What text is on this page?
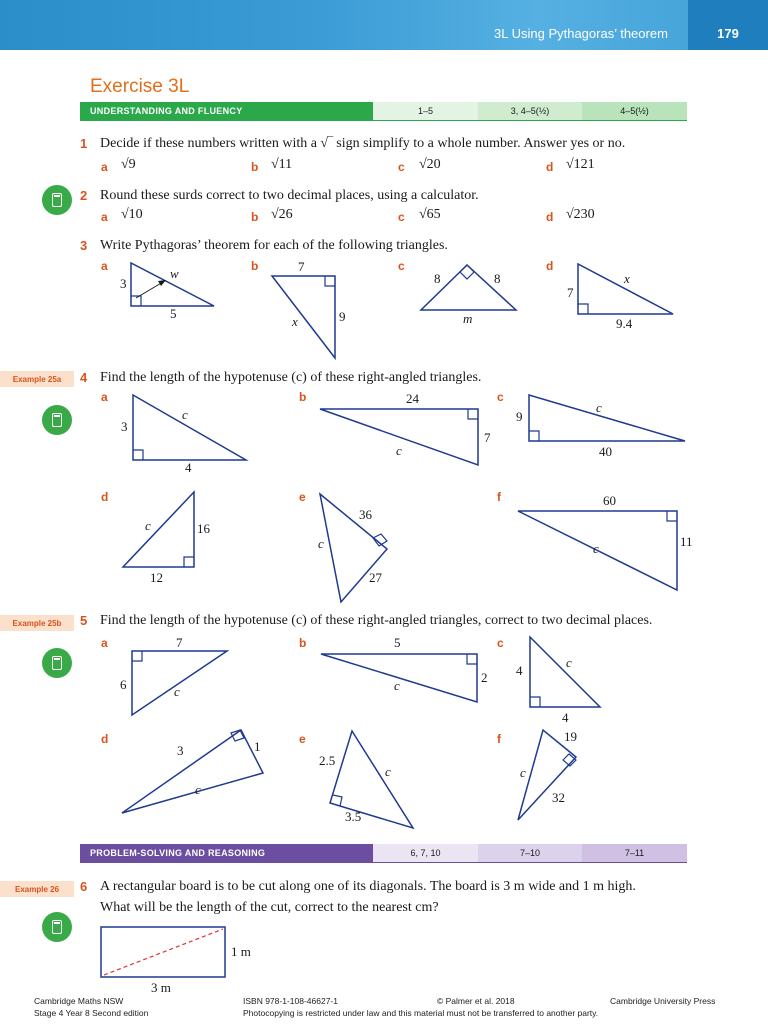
3L Using Pythagoras’ theorem	179
Exercise 3L
UNDERSTANDING AND FLUENCY	1–5	3, 4–5(½)	4–5(½)
1 Decide if these numbers written with a √‾ sign simplify to a whole number. Answer yes or no.
a √9	b √11	c √20	d √121
2 Round these surds correct to two decimal places, using a calculator.
a √10	b √26	c √65	d √230
3 Write Pythagoras’ theorem for each of the following triangles.
a	b	c	d
Example 25a	4 Find the length of the hypotenuse (c) of these right-angled triangles.
a	b	c
d	e	f
Example 25b	5 Find the length of the hypotenuse (c) of these right-angled triangles, correct to two decimal places.
a	b	c
d	e	f
PROBLEM-SOLVING AND REASONING	6, 7, 10	7–10	7–11
Example 26	6 A rectangular board is to be cut along one of its diagonals. The board is 3 m wide and 1 m high.
What will be the length of the cut, correct to the nearest cm?
3
w
5
7
9
x
8	8
m
7
x
9.4
3
c
4
24
7
c
9
c
40
16
c
12
36
c
27
60
11
c
7
6	c
5
2
c
4
c
4
3	1
c
2.5
c
3.5
19
c
32
1 m
3 m
Cambridge Maths NSW
Stage 4 Year 8 Second edition
ISBN 978-1-108-46627-1	© Palmer et al. 2018	Cambridge University Press
Photocopying is restricted under law and this material must not be transferred to another party.
